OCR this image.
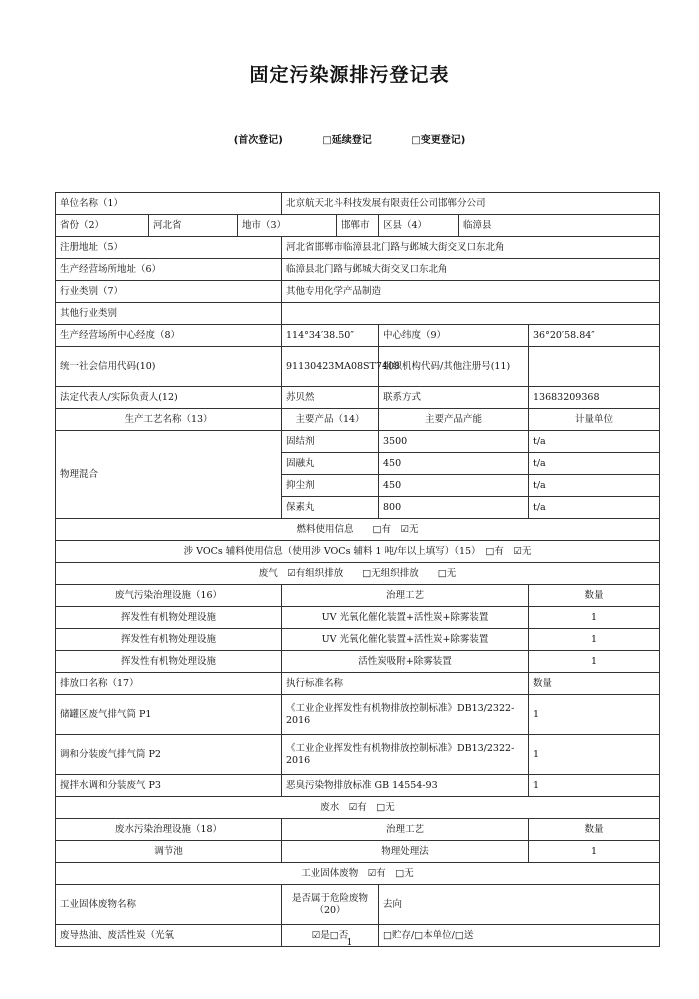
固定污染源排污登记表
(首次登记)	□延续登记	□变更登记)
单位名称（1）			北京航天北斗科技发展有限责任公司邯郸分公司				
省份（2）	河北省	地市（3）		邯郸市	区县（4）	临漳县	
注册地址（5）			河北省邯郸市临漳县北门路与邺城大街交叉口东北角				
生产经营场所地址（6）			临漳县北门路与邺城大街交叉口东北角				
行业类别（7）			其他专用化学产品制造				
其他行业类别							
生产经营场所中心经度（8）			114°34′38.50″		中心纬度（9）		36°20′58.84″
统一社会信用代码(10)			91130423MA08ST7408		组织机构代码/其他注册号(11)		
法定代表人/实际负责人(12)			苏贝然		联系方式		13683209368
生产工艺名称（13）			主要产品（14）		主要产品产能		计量单位
物理混合			固结剂		3500		t/a
			固融丸		450		t/a
			抑尘剂		450		t/a
			保素丸		800		t/a
燃料使用信息　　□有　☑无							
涉 VOCs 辅料使用信息（使用涉 VOCs 辅料 1 吨/年以上填写）（15）　□有　☑无							
废气　☑有组织排放　　□无组织排放　　□无							
废气污染治理设施（16）			治理工艺				数量
挥发性有机物处理设施			UV 光氧化催化装置+活性炭+除雾装置				1
挥发性有机物处理设施			UV 光氧化催化装置+活性炭+除雾装置				1
挥发性有机物处理设施			活性炭吸附+除雾装置				1
排放口名称（17）			执行标准名称				数量
储罐区废气排气筒 P1			《工业企业挥发性有机物排放控制标准》DB13/2322-2016				1
调和分装废气排气筒 P2			《工业企业挥发性有机物排放控制标准》DB13/2322-2016				1
搅拌水调和分装废气 P3			恶臭污染物排放标准 GB 14554-93				1
废水　☑有　□无							
废水污染治理设施（18）			治理工艺				数量
调节池			物理处理法				1
工业固体废物　☑有　□无							
工业固体废物名称			是否属于危险废物（20）		去向		
废导热油、废活性炭（光氧			☑是□否		□贮存/□本单位/□送		
1
